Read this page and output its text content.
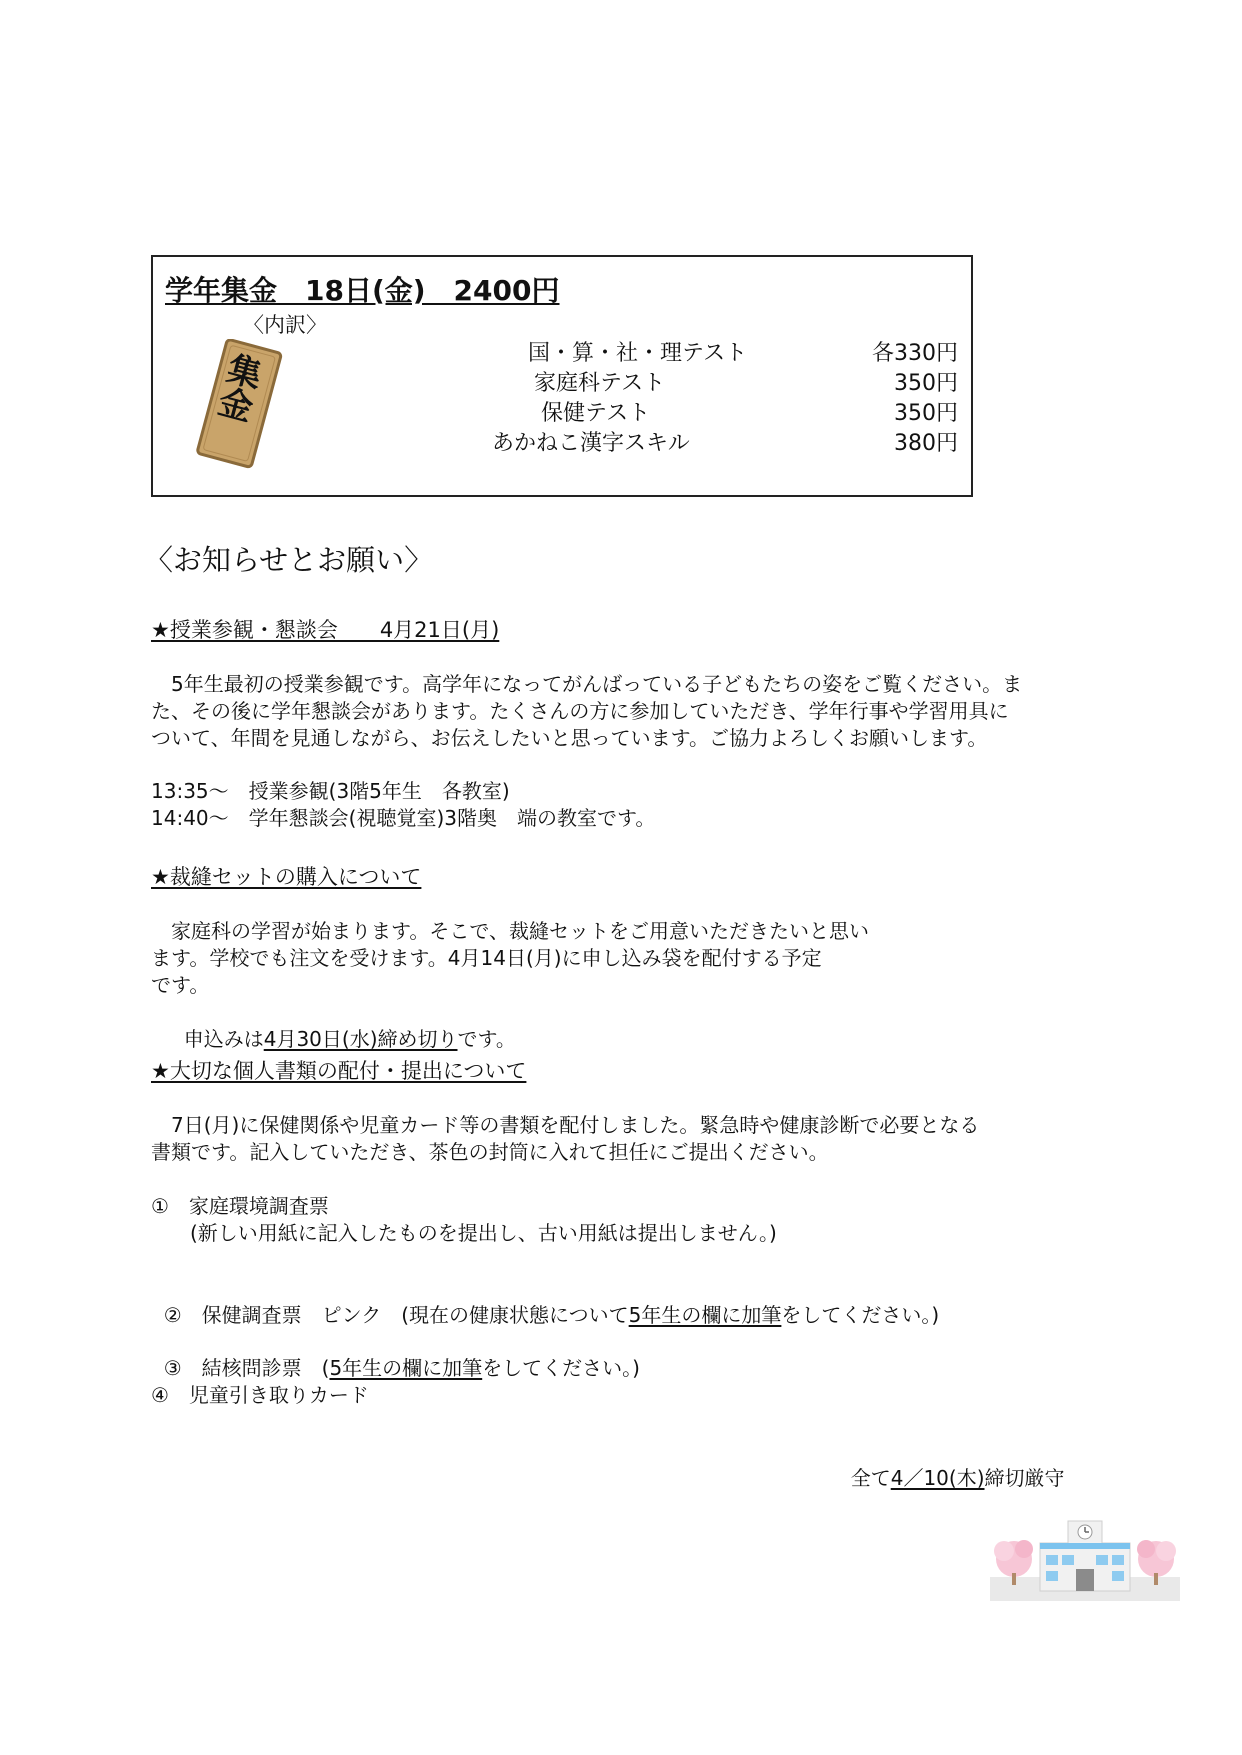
学年集金　18日(金)　2400円
〈内訳〉
集金	国・算・社・理テスト	各330円
家庭科テスト	350円
保健テスト	350円
あかねこ漢字スキル	380円
〈お知らせとお願い〉
★授業参観・懇談会　　4月21日(月)
　5年生最初の授業参観です。高学年になってがんばっている子どもたちの姿をご覧ください。ま
た、その後に学年懇談会があります。たくさんの方に参加していただき、学年行事や学習用具に
ついて、年間を見通しながら、お伝えしたいと思っています。ご協力よろしくお願いします。
13:35～　授業参観(3階5年生　各教室)
14:40～　学年懇談会(視聴覚室)3階奥　端の教室です。
★裁縫セットの購入について
　家庭科の学習が始まります。そこで、裁縫セットをご用意いただきたいと思い
ます。学校でも注文を受けます。4月14日(月)に申し込み袋を配付する予定
です。

　申込みは4月30日(水)締め切りです。

★大切な個人書類の配付・提出について
　7日(月)に保健関係や児童カード等の書類を配付しました。緊急時や健康診断で必要となる
書類です。記入していただき、茶色の封筒に入れて担任にご提出ください。
①　家庭環境調査票
　(新しい用紙に記入したものを提出し、古い用紙は提出しません。)

②　保健調査票　ピンク　(現在の健康状態について5年生の欄に加筆をしてください。)

③　結核問診票　(5年生の欄に加筆をしてください。)

④　児童引き取りカード

全て4／10(木)締切厳守
